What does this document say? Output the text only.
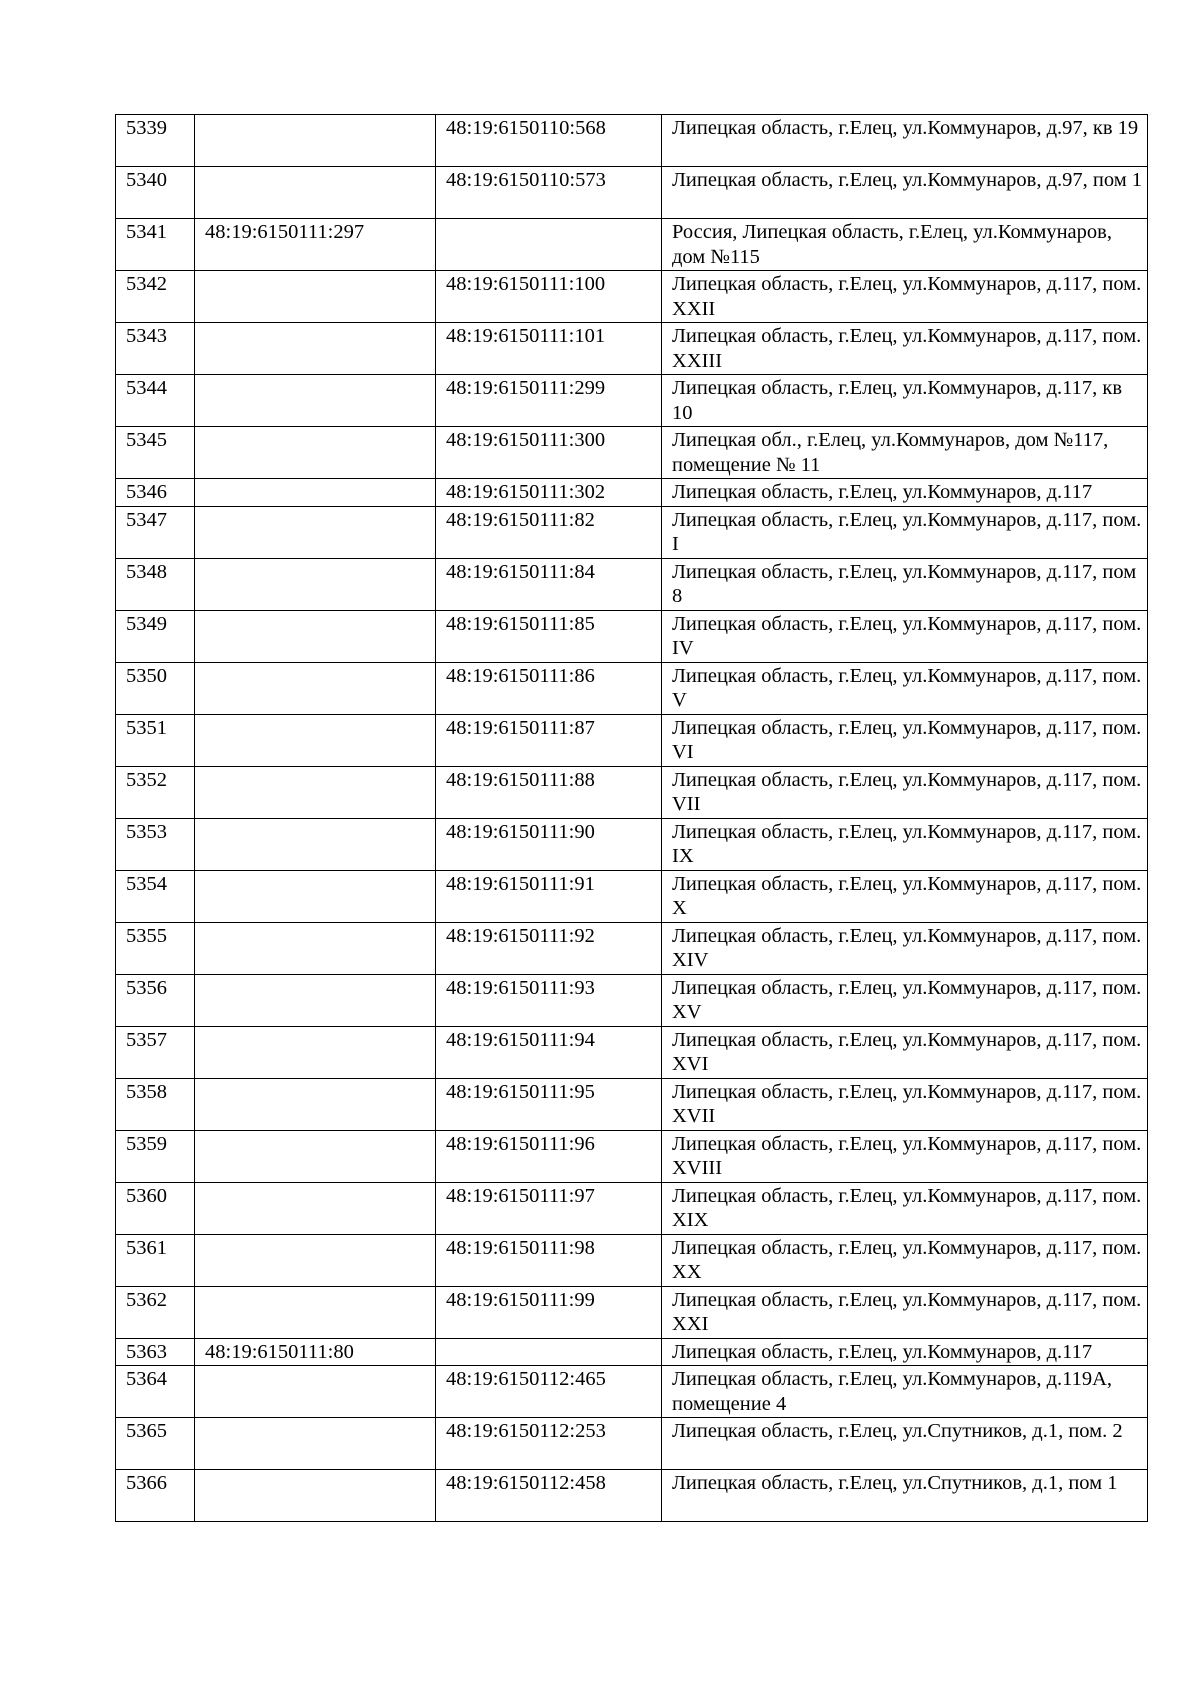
5339		48:19:6150110:568	Липецкая область, г.Елец, ул.Коммунаров, д.97, кв 19
5340		48:19:6150110:573	Липецкая область, г.Елец, ул.Коммунаров, д.97, пом 1
5341	48:19:6150111:297		Россия, Липецкая область, г.Елец, ул.Коммунаров, дом №115
5342		48:19:6150111:100	Липецкая область, г.Елец, ул.Коммунаров, д.117, пом. XXII
5343		48:19:6150111:101	Липецкая область, г.Елец, ул.Коммунаров, д.117, пом. XXIII
5344		48:19:6150111:299	Липецкая область, г.Елец, ул.Коммунаров, д.117, кв 10
5345		48:19:6150111:300	Липецкая обл., г.Елец, ул.Коммунаров, дом №117, помещение № 11
5346		48:19:6150111:302	Липецкая область, г.Елец, ул.Коммунаров, д.117
5347		48:19:6150111:82	Липецкая область, г.Елец, ул.Коммунаров, д.117, пом. I
5348		48:19:6150111:84	Липецкая область, г.Елец, ул.Коммунаров, д.117, пом 8
5349		48:19:6150111:85	Липецкая область, г.Елец, ул.Коммунаров, д.117, пом. IV
5350		48:19:6150111:86	Липецкая область, г.Елец, ул.Коммунаров, д.117, пом. V
5351		48:19:6150111:87	Липецкая область, г.Елец, ул.Коммунаров, д.117, пом. VI
5352		48:19:6150111:88	Липецкая область, г.Елец, ул.Коммунаров, д.117, пом. VII
5353		48:19:6150111:90	Липецкая область, г.Елец, ул.Коммунаров, д.117, пом. IX
5354		48:19:6150111:91	Липецкая область, г.Елец, ул.Коммунаров, д.117, пом. X
5355		48:19:6150111:92	Липецкая область, г.Елец, ул.Коммунаров, д.117, пом. XIV
5356		48:19:6150111:93	Липецкая область, г.Елец, ул.Коммунаров, д.117, пом. XV
5357		48:19:6150111:94	Липецкая область, г.Елец, ул.Коммунаров, д.117, пом. XVI
5358		48:19:6150111:95	Липецкая область, г.Елец, ул.Коммунаров, д.117, пом. XVII
5359		48:19:6150111:96	Липецкая область, г.Елец, ул.Коммунаров, д.117, пом. XVIII
5360		48:19:6150111:97	Липецкая область, г.Елец, ул.Коммунаров, д.117, пом. XIX
5361		48:19:6150111:98	Липецкая область, г.Елец, ул.Коммунаров, д.117, пом. XX
5362		48:19:6150111:99	Липецкая область, г.Елец, ул.Коммунаров, д.117, пом. XXI
5363	48:19:6150111:80		Липецкая область, г.Елец, ул.Коммунаров, д.117
5364		48:19:6150112:465	Липецкая область, г.Елец, ул.Коммунаров, д.119А, помещение 4
5365		48:19:6150112:253	Липецкая область, г.Елец, ул.Спутников, д.1, пом. 2
5366		48:19:6150112:458	Липецкая область, г.Елец, ул.Спутников, д.1, пом 1
